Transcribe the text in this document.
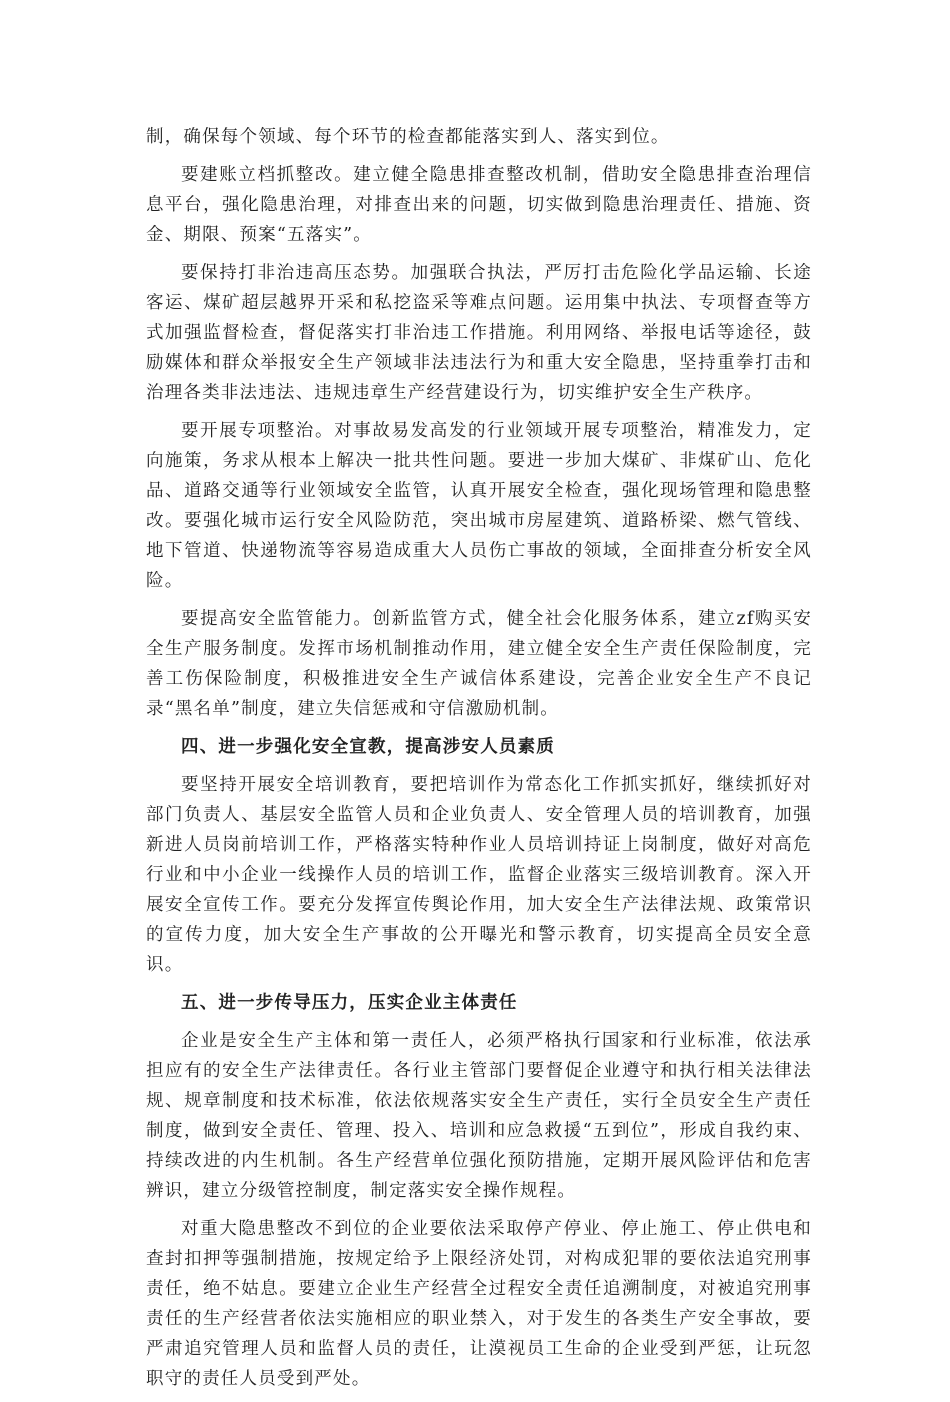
制，确保每个领域、每个环节的检查都能落实到人、落实到位。

要建账立档抓整改。建立健全隐患排查整改机制，借助安全隐患排查治理信息平台，强化隐患治理，对排查出来的问题，切实做到隐患治理责任、措施、资金、期限、预案“五落实”。

要保持打非治违高压态势。加强联合执法，严厉打击危险化学品运输、长途客运、煤矿超层越界开采和私挖盗采等难点问题。运用集中执法、专项督查等方式加强监督检查，督促落实打非治违工作措施。利用网络、举报电话等途径，鼓励媒体和群众举报安全生产领域非法违法行为和重大安全隐患，坚持重拳打击和治理各类非法违法、违规违章生产经营建设行为，切实维护安全生产秩序。

要开展专项整治。对事故易发高发的行业领域开展专项整治，精准发力，定向施策，务求从根本上解决一批共性问题。要进一步加大煤矿、非煤矿山、危化品、道路交通等行业领域安全监管，认真开展安全检查，强化现场管理和隐患整改。要强化城市运行安全风险防范，突出城市房屋建筑、道路桥梁、燃气管线、地下管道、快递物流等容易造成重大人员伤亡事故的领域，全面排查分析安全风险。

要提高安全监管能力。创新监管方式，健全社会化服务体系，建立zf购买安全生产服务制度。发挥市场机制推动作用，建立健全安全生产责任保险制度，完善工伤保险制度，积极推进安全生产诚信体系建设，完善企业安全生产不良记录“黑名单”制度，建立失信惩戒和守信激励机制。

四、进一步强化安全宣教，提高涉安人员素质

要坚持开展安全培训教育，要把培训作为常态化工作抓实抓好，继续抓好对部门负责人、基层安全监管人员和企业负责人、安全管理人员的培训教育，加强新进人员岗前培训工作，严格落实特种作业人员培训持证上岗制度，做好对高危行业和中小企业一线操作人员的培训工作，监督企业落实三级培训教育。深入开展安全宣传工作。要充分发挥宣传舆论作用，加大安全生产法律法规、政策常识的宣传力度，加大安全生产事故的公开曝光和警示教育，切实提高全员安全意识。

五、进一步传导压力，压实企业主体责任

企业是安全生产主体和第一责任人，必须严格执行国家和行业标准，依法承担应有的安全生产法律责任。各行业主管部门要督促企业遵守和执行相关法律法规、规章制度和技术标准，依法依规落实安全生产责任，实行全员安全生产责任制度，做到安全责任、管理、投入、培训和应急救援“五到位”，形成自我约束、持续改进的内生机制。各生产经营单位强化预防措施，定期开展风险评估和危害辨识，建立分级管控制度，制定落实安全操作规程。

对重大隐患整改不到位的企业要依法采取停产停业、停止施工、停止供电和查封扣押等强制措施，按规定给予上限经济处罚，对构成犯罪的要依法追究刑事责任，绝不姑息。要建立企业生产经营全过程安全责任追溯制度，对被追究刑事责任的生产经营者依法实施相应的职业禁入，对于发生的各类生产安全事故，要严肃追究管理人员和监督人员的责任，让漠视员工生命的企业受到严惩，让玩忽职守的责任人员受到严处。
